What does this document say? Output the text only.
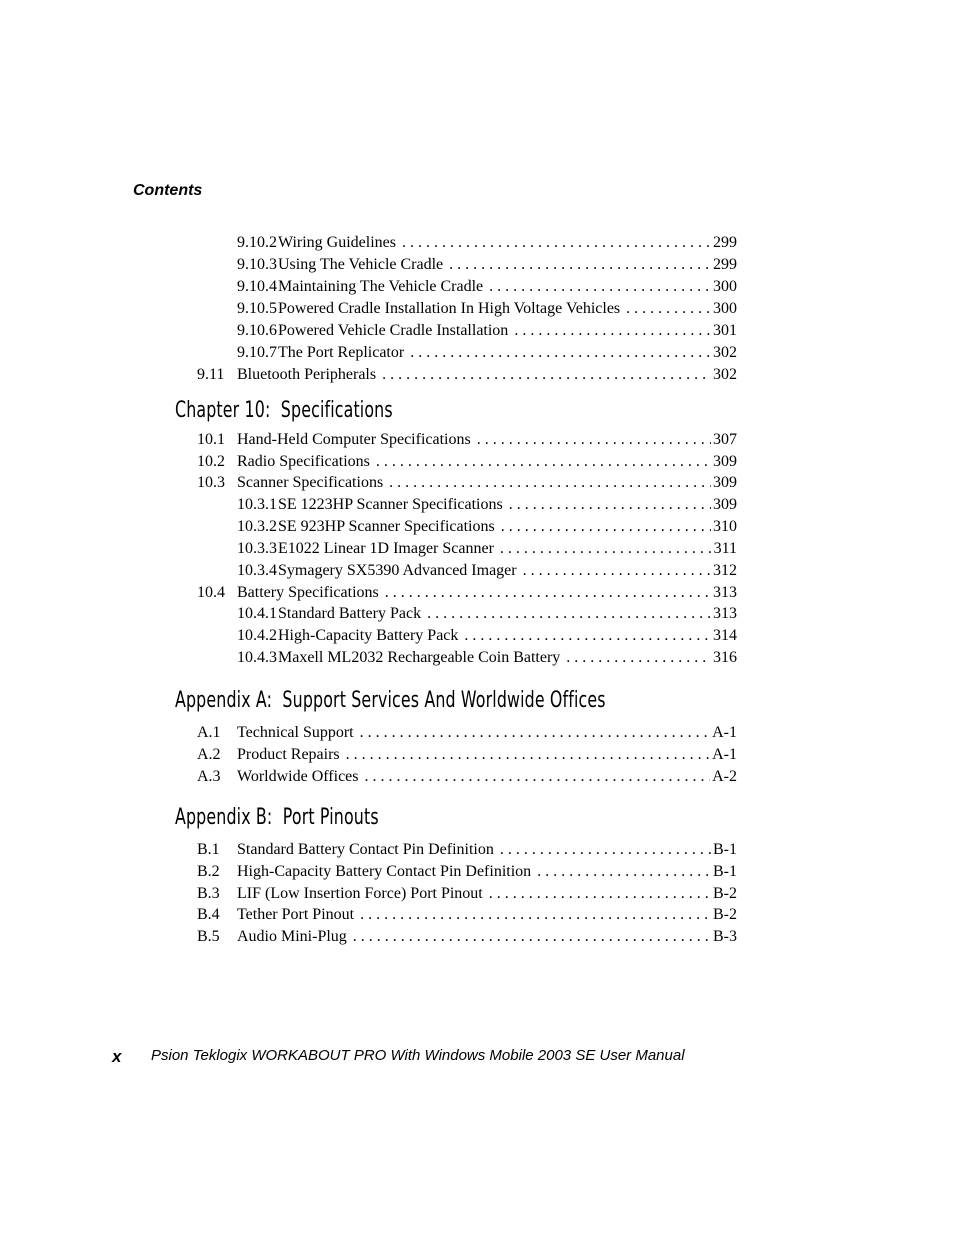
Contents
9.10.2 Wiring Guidelines . . .	299
9.10.3 Using The Vehicle Cradle . . .	299
9.10.4 Maintaining The Vehicle Cradle . . .	300
9.10.5 Powered Cradle Installation In High Voltage Vehicles . . .	300
9.10.6 Powered Vehicle Cradle Installation . . .	301
9.10.7 The Port Replicator . . .	302
9.11 Bluetooth Peripherals . . .	302
Chapter 10:  Specifications
10.1 Hand-Held Computer Specifications . . .	307
10.2 Radio Specifications . . .	309
10.3 Scanner Specifications . . .	309
10.3.1 SE 1223HP Scanner Specifications . . .	309
10.3.2 SE 923HP Scanner Specifications . . .	310
10.3.3 E1022 Linear 1D Imager Scanner . . .	311
10.3.4 Symagery SX5390 Advanced Imager . . .	312
10.4 Battery Specifications . . .	313
10.4.1 Standard Battery Pack . . .	313
10.4.2 High-Capacity Battery Pack . . .	314
10.4.3 Maxell ML2032 Rechargeable Coin Battery . . .	316
Appendix A:  Support Services And Worldwide Offices
A.1 Technical Support . . .	A-1
A.2 Product Repairs . . .	A-1
A.3 Worldwide Offices . . .	A-2
Appendix B:  Port Pinouts
B.1 Standard Battery Contact Pin Definition . . .	B-1
B.2 High-Capacity Battery Contact Pin Definition . . .	B-1
B.3 LIF (Low Insertion Force) Port Pinout . . .	B-2
B.4 Tether Port Pinout . . .	B-2
B.5 Audio Mini-Plug . . .	B-3
x Psion Teklogix WORKABOUT PRO With Windows Mobile 2003 SE User Manual
